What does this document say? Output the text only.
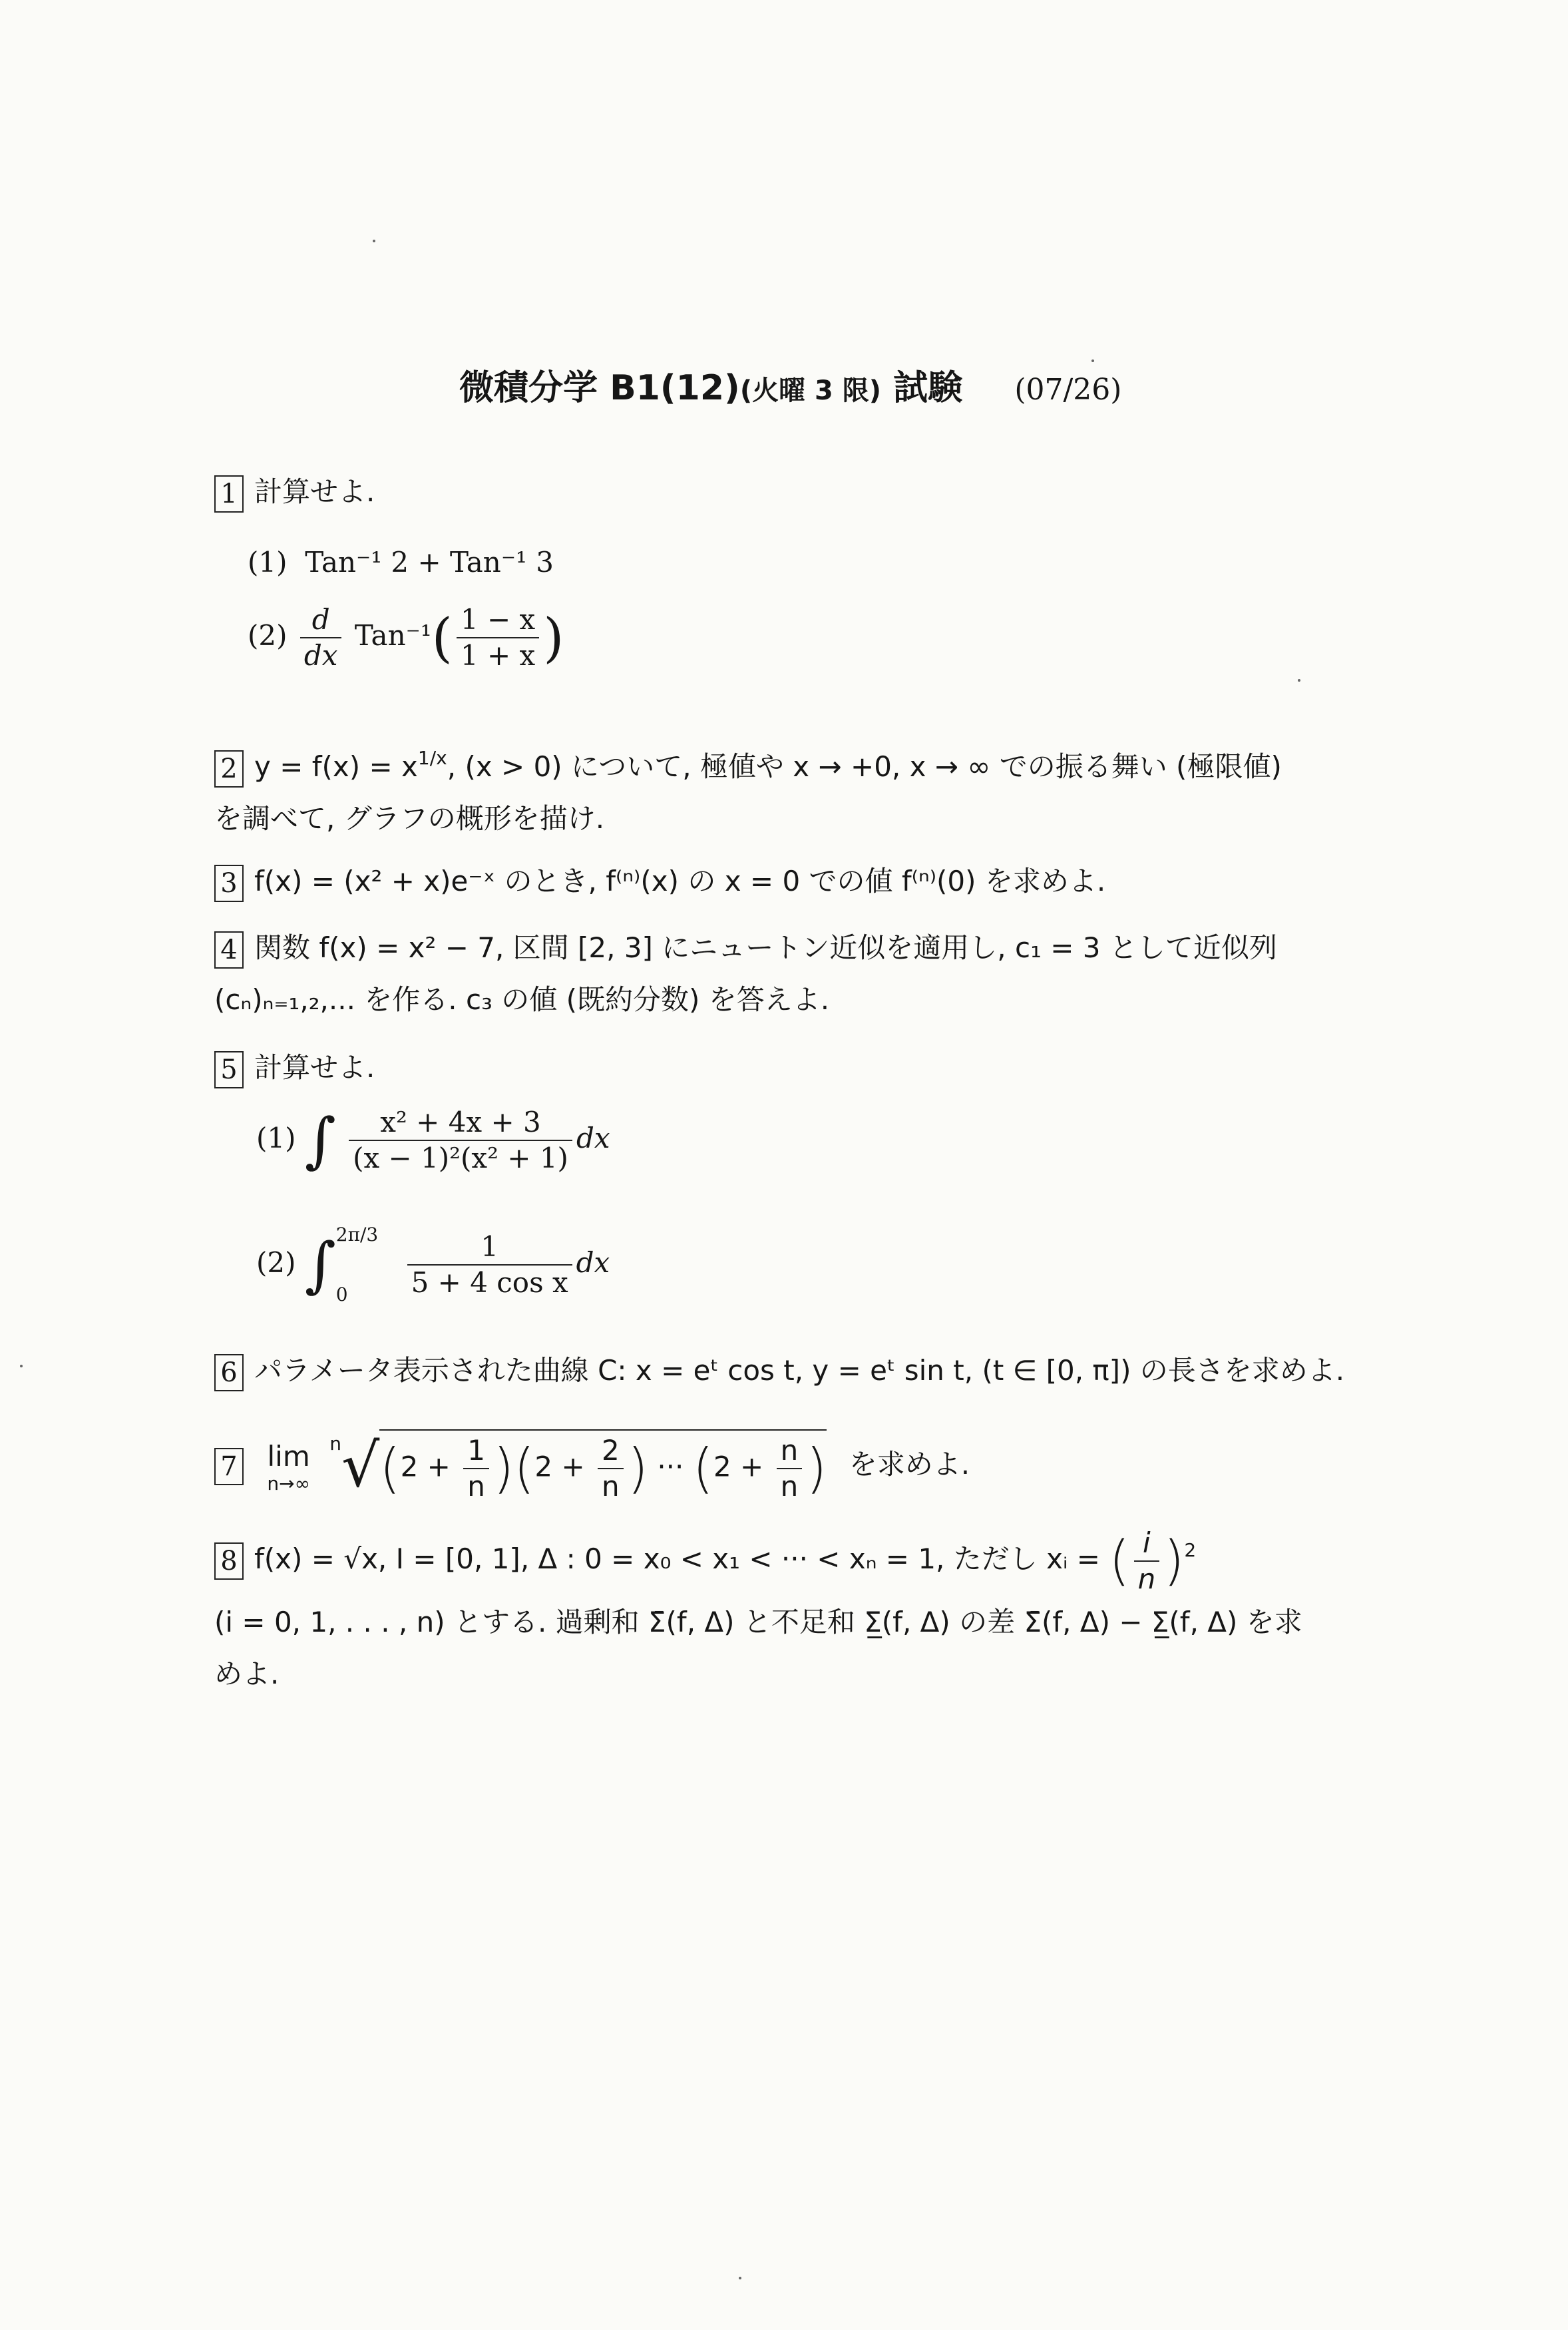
微積分学 B1(12)(火曜 3 限) 試験 (07/26)
1 計算せよ.
(1) Tan⁻¹ 2 + Tan⁻¹ 3
$(2) \frac{d}{dx} Tan^{-1}( \frac{1 - x}{1 + x}$ )
2 $y = f(x) = x^{1/x}$, (x > 0) について, 極値や x → +0, x → ∞ での振る舞い (極限値)
を調べて, グラフの概形を描け.
3 f(x) = (x² + x)e⁻ˣ のとき, f⁽ⁿ⁾(x) の x = 0 での値 f⁽ⁿ⁾(0) を求めよ.
4 関数 f(x) = x² − 7, 区間 [2, 3] にニュートン近似を適用し, c₁ = 3 として近似列
(cₙ)ₙ₌₁,₂,... を作る. c₃ の値 (既約分数) を答えよ.
5 計算せよ.
(1) ∫ $\frac{\text{x² + 4x + 3}}{\text{(x − 1)²(x² + 1)}}$ dx
(2) ∫ 2π/3
0
	$\frac{1}{\text{5 + 4 cos x}}$ dx
6 パラメータ表示された曲線 C: x = eᵗ cos t, y = eᵗ sin t, (t ∈ [0, π]) の長さを求めよ.
7 lim
n→∞
$^n√(2 + \frac{1}{n} )(2 + \frac{2}{n}$ ) ··· ($2 + \frac{n}{n}$ ) を求めよ.
8 f(x) = √x, I = [0, 1], Δ : 0 = x₀ < x₁ < ··· < xₙ = 1, ただし xᵢ = ( $\frac{i}{n} )^2$
(i = 0, 1, . . . , n) とする. 過剰和 Σ̄(f, Δ) と不足和 Σ̲(f, Δ) の差 Σ̄(f, Δ) − Σ̲(f, Δ) を求
めよ.
